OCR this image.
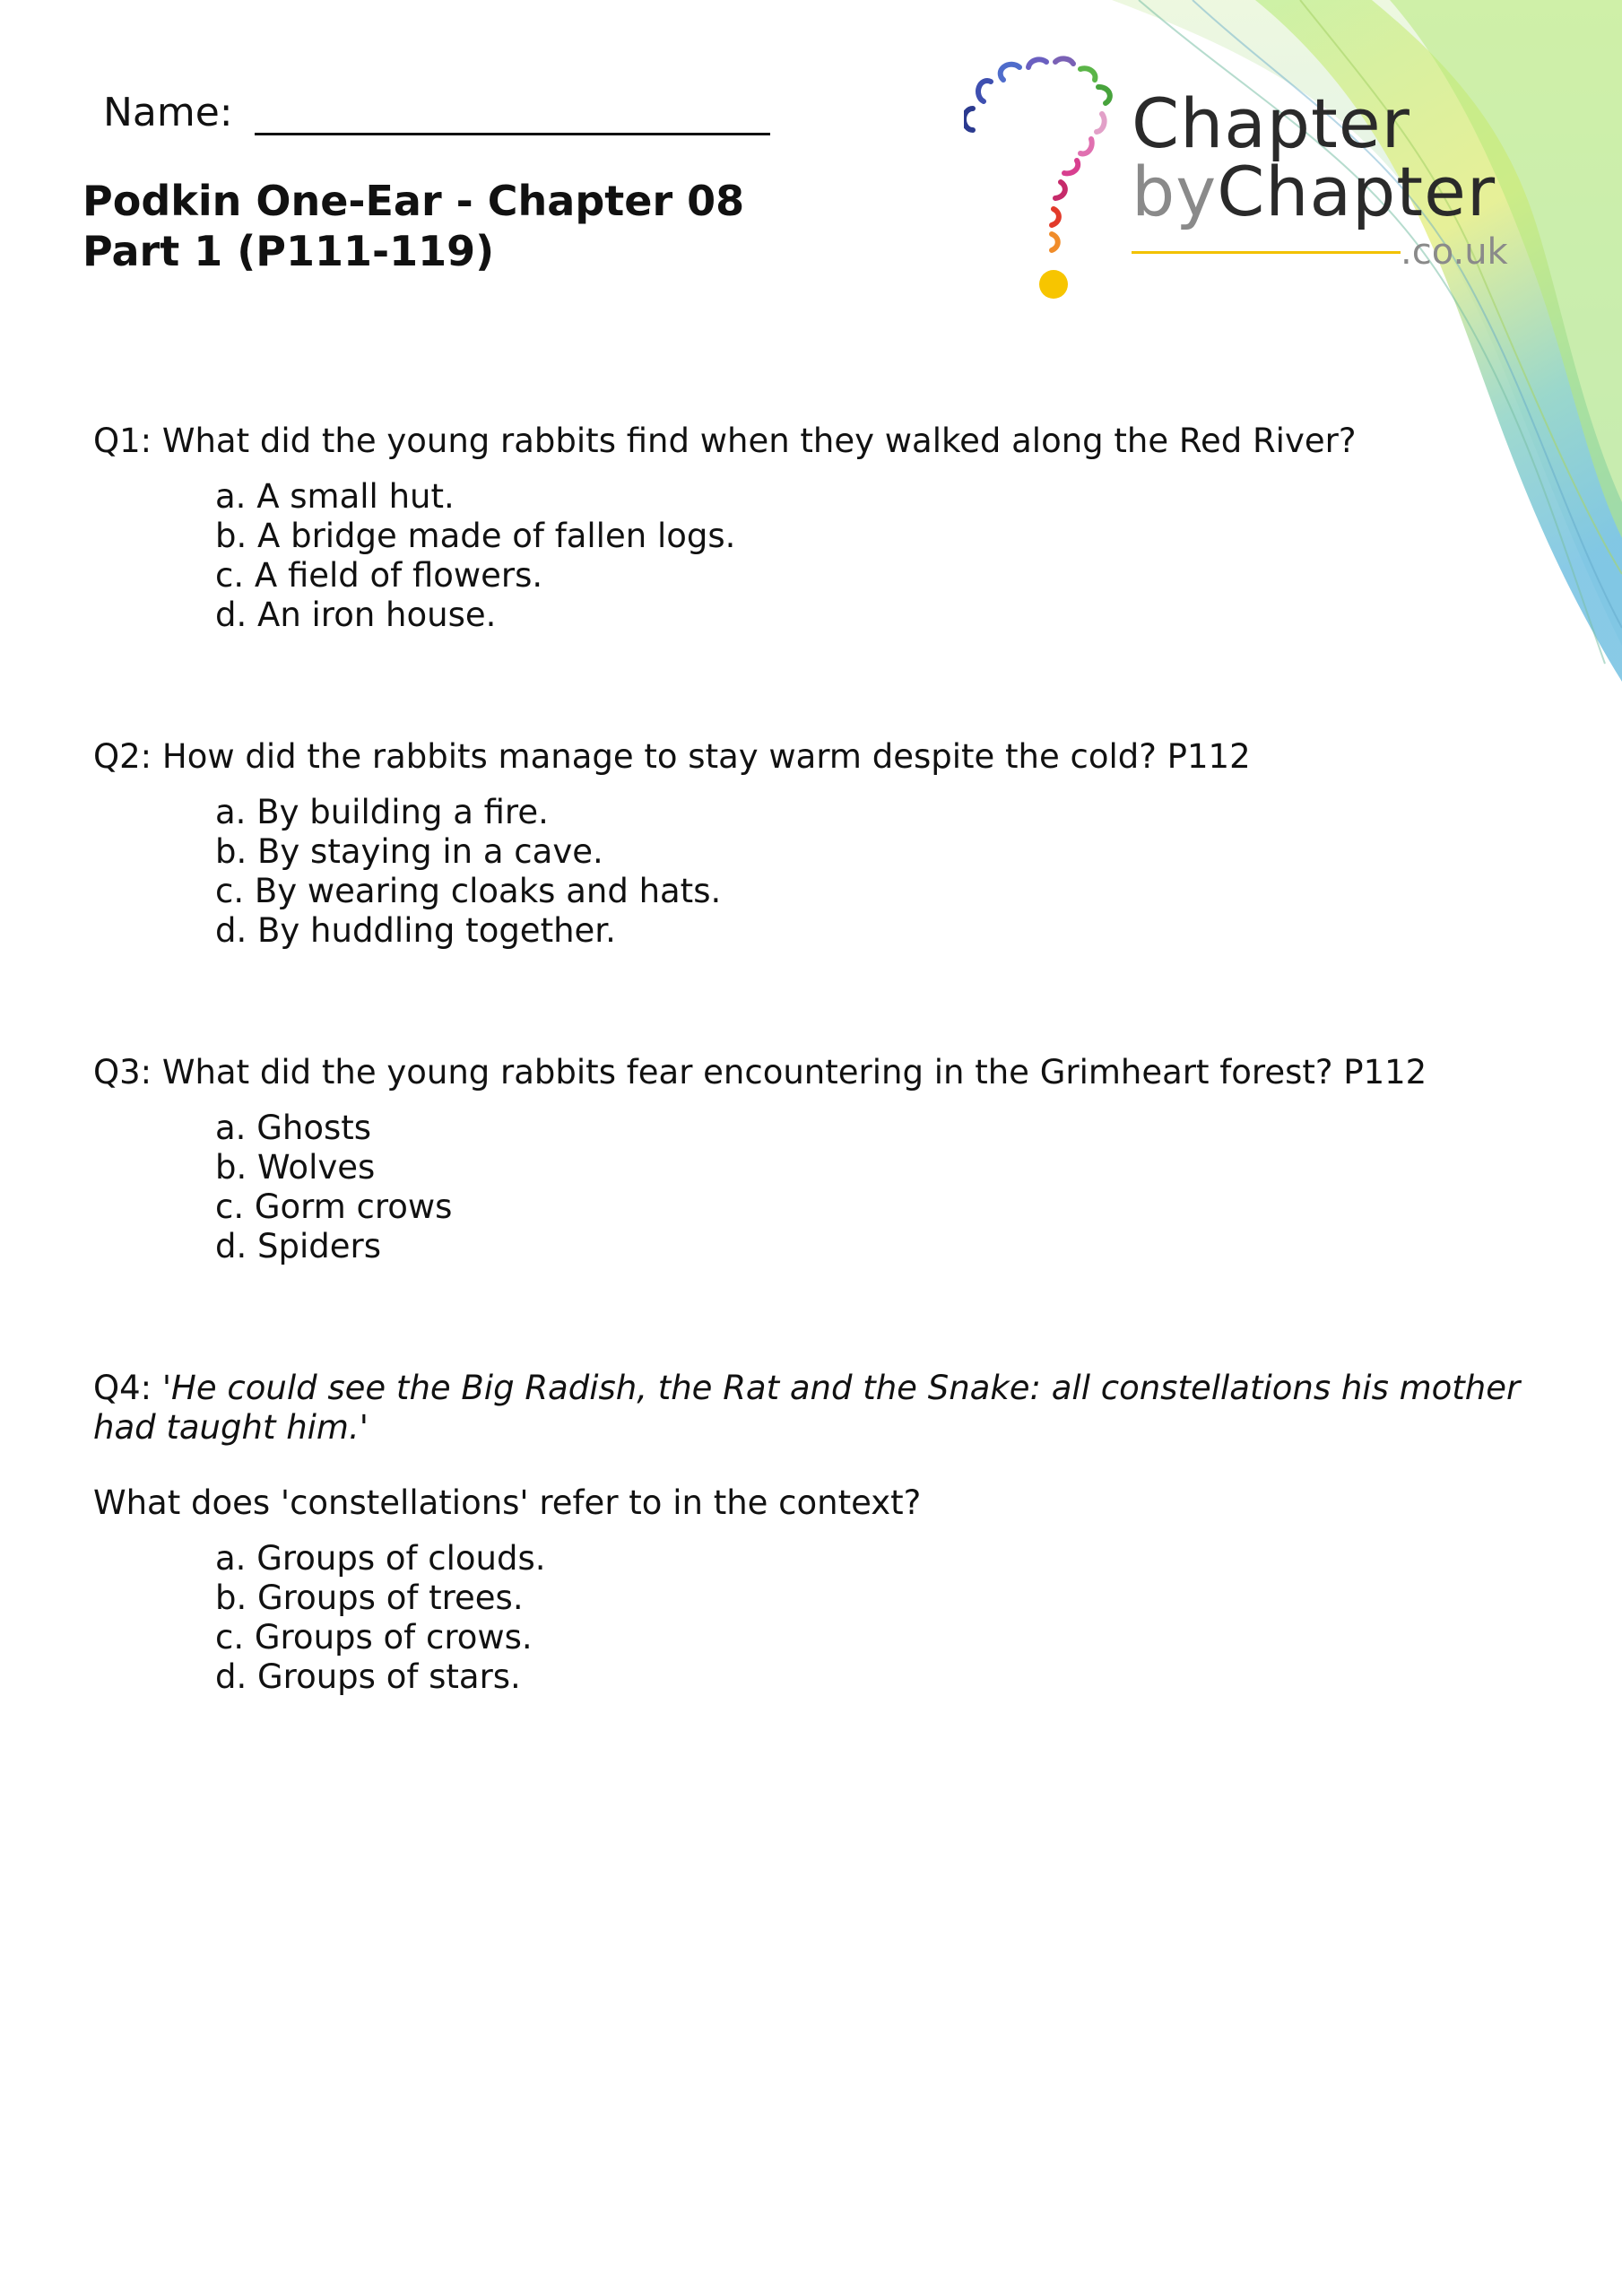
Name:
Podkin One-Ear - Chapter 08
Part 1 (P111-119)
Chapter
byChapter
.co.uk
Q1: What did the young rabbits find when they walked along the Red River?
a. A small hut.
b. A bridge made of fallen logs.
c. A field of flowers.
d. An iron house.
Q2: How did the rabbits manage to stay warm despite the cold? P112
a. By building a fire.
b. By staying in a cave.
c. By wearing cloaks and hats.
d. By huddling together.
Q3: What did the young rabbits fear encountering in the Grimheart forest? P112
a. Ghosts
b. Wolves
c. Gorm crows
d. Spiders
Q4: 'He could see the Big Radish, the Rat and the Snake: all constellations his mother
had taught him.'
What does 'constellations' refer to in the context?
a. Groups of clouds.
b. Groups of trees.
c. Groups of crows.
d. Groups of stars.
